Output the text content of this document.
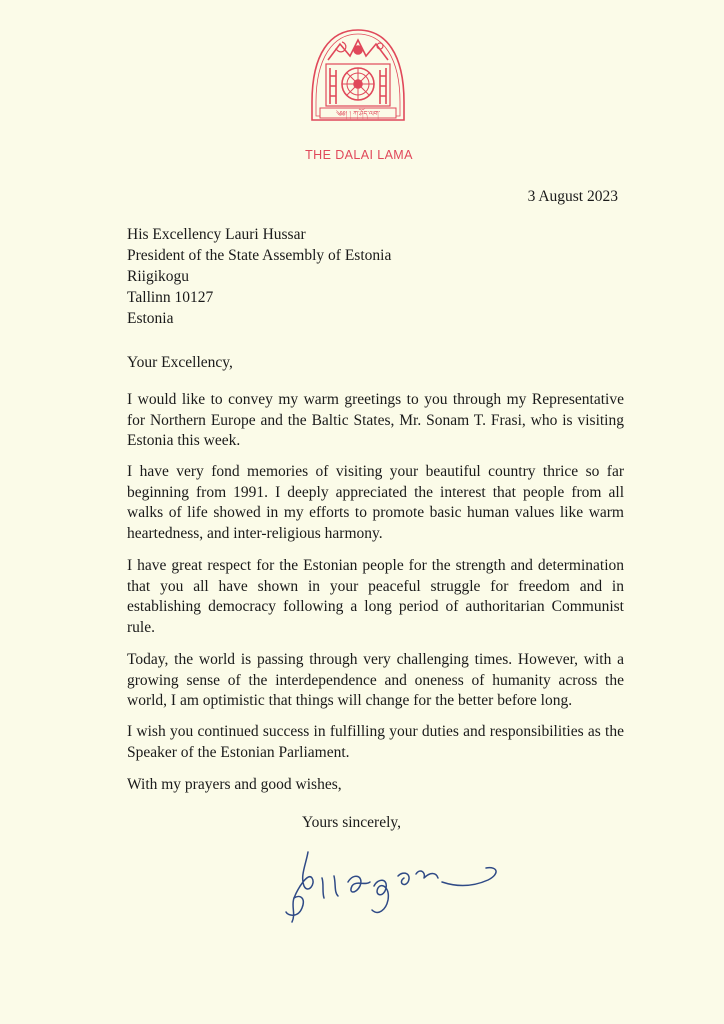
༄༅། ། ཀ་ཤོད་ལག་
THE DALAI LAMA
3 August 2023
His Excellency Lauri Hussar
President of the State Assembly of Estonia
Riigikogu
Tallinn 10127
Estonia
Your Excellency,

I would like to convey my warm greetings to you through my Representative for Northern Europe and the Baltic States, Mr. Sonam T. Frasi, who is visiting Estonia this week.

I have very fond memories of visiting your beautiful country thrice so far beginning from 1991. I deeply appreciated the interest that people from all walks of life showed in my efforts to promote basic human values like warm heartedness, and inter-religious harmony.

I have great respect for the Estonian people for the strength and determination that you all have shown in your peaceful struggle for freedom and in establishing democracy following a long period of authoritarian Communist rule.

Today, the world is passing through very challenging times. However, with a growing sense of the interdependence and oneness of humanity across the world, I am optimistic that things will change for the better before long.

I wish you continued success in fulfilling your duties and responsibilities as the Speaker of the Estonian Parliament.

With my prayers and good wishes,
Yours sincerely,
